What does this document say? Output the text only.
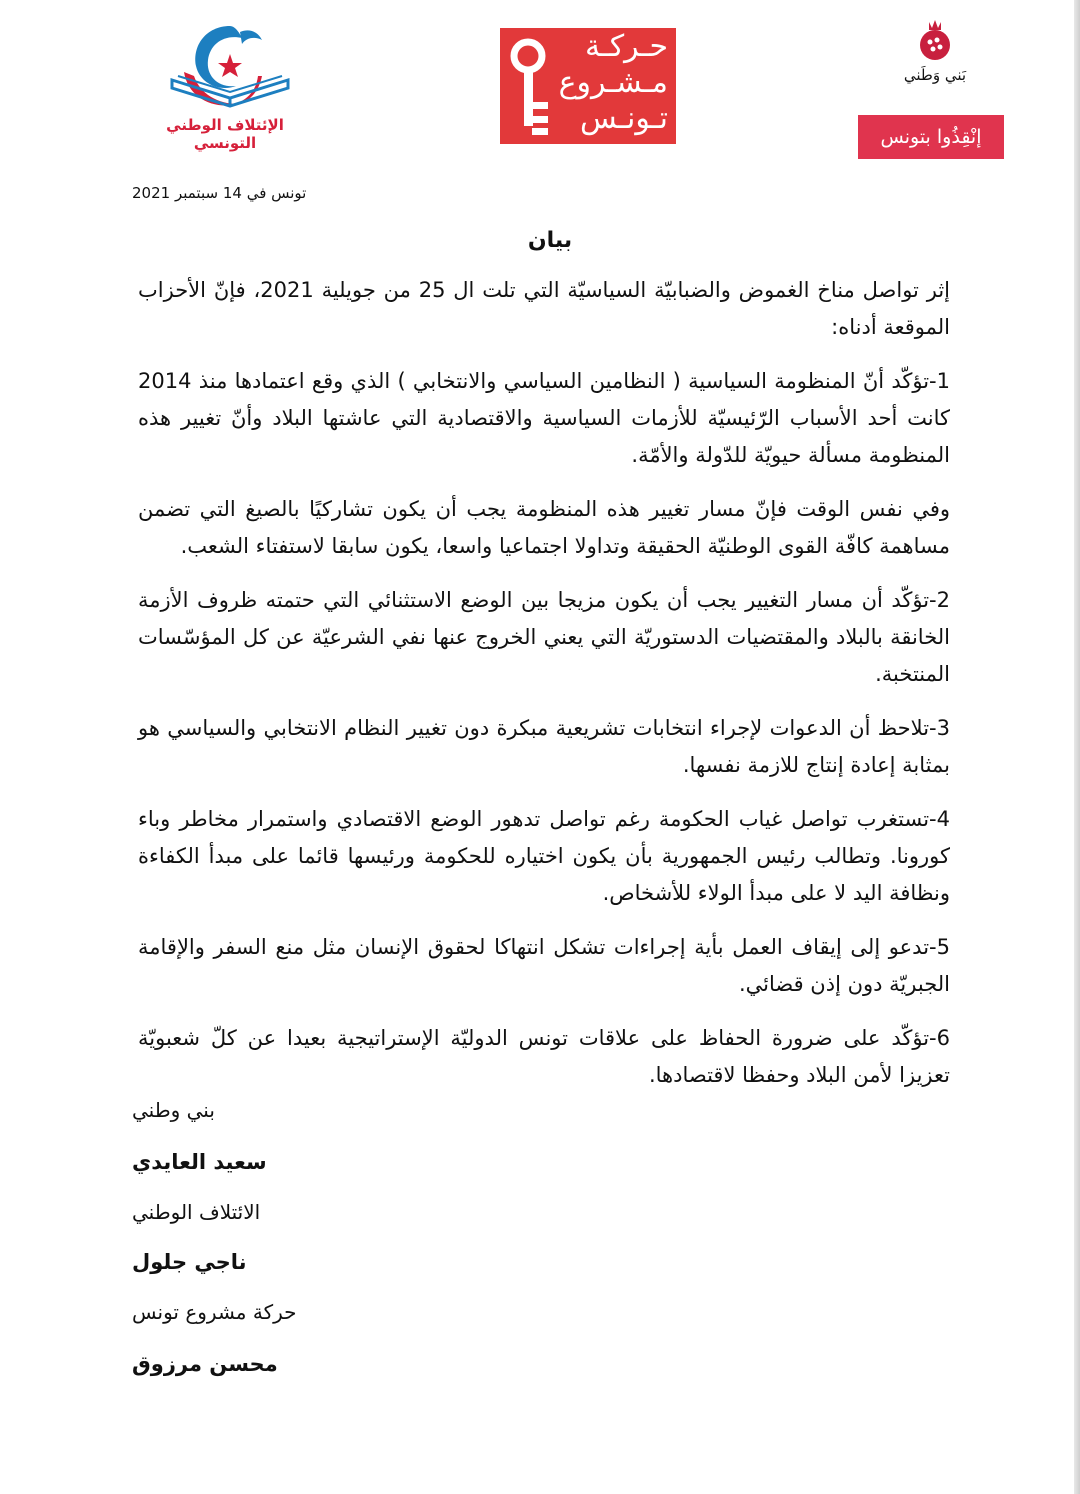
الإئتلاف الوطني التونسي
حـركـة
مـشـروع
تـونـس
بَني وَطَني
إنْقِذُوا بتونس
تونس في 14 سبتمبر 2021
بيان

إثر تواصل مناخ الغموض والضبابيّة السياسيّة التي تلت ال 25 من جويلية 2021، فإنّ الأحزاب الموقعة أدناه:

1-تؤكّد أنّ المنظومة السياسية ( النظامين السياسي والانتخابي ) الذي وقع اعتمادها منذ 2014 كانت أحد الأسباب الرّئيسيّة للأزمات السياسية والاقتصادية التي عاشتها البلاد وأنّ تغيير هذه المنظومة مسألة حيويّة للدّولة والأمّة.

وفي نفس الوقت فإنّ مسار تغيير هذه المنظومة يجب أن يكون تشاركيًا بالصيغ التي تضمن مساهمة كافّة القوى الوطنيّة الحقيقة وتداولا اجتماعيا واسعا، يكون سابقا لاستفتاء الشعب.

2-تؤكّد أن مسار التغيير يجب أن يكون مزيجا بين الوضع الاستثنائي التي حتمته ظروف الأزمة الخانقة بالبلاد والمقتضيات الدستوريّة التي يعني الخروج عنها نفي الشرعيّة عن كل المؤسّسات المنتخبة.

3-تلاحظ أن الدعوات لإجراء انتخابات تشريعية مبكرة دون تغيير النظام الانتخابي والسياسي هو بمثابة إعادة إنتاج للازمة نفسها.

4-تستغرب تواصل غياب الحكومة رغم تواصل تدهور الوضع الاقتصادي واستمرار مخاطر وباء كورونا. وتطالب رئيس الجمهورية بأن يكون اختياره للحكومة ورئيسها قائما على مبدأ الكفاءة ونظافة اليد لا على مبدأ الولاء للأشخاص.

5-تدعو إلى إيقاف العمل بأية إجراءات تشكل انتهاكا لحقوق الإنسان مثل منع السفر والإقامة الجبريّة دون إذن قضائي.

6-تؤكّد على ضرورة الحفاظ على علاقات تونس الدوليّة الإستراتيجية بعيدا عن كلّ شعبويّة تعزيزا لأمن البلاد وحفظا لاقتصادها.

بني وطني
سعيد العايدي
الائتلاف الوطني
ناجي جلول
حركة مشروع تونس
محسن مرزوق
